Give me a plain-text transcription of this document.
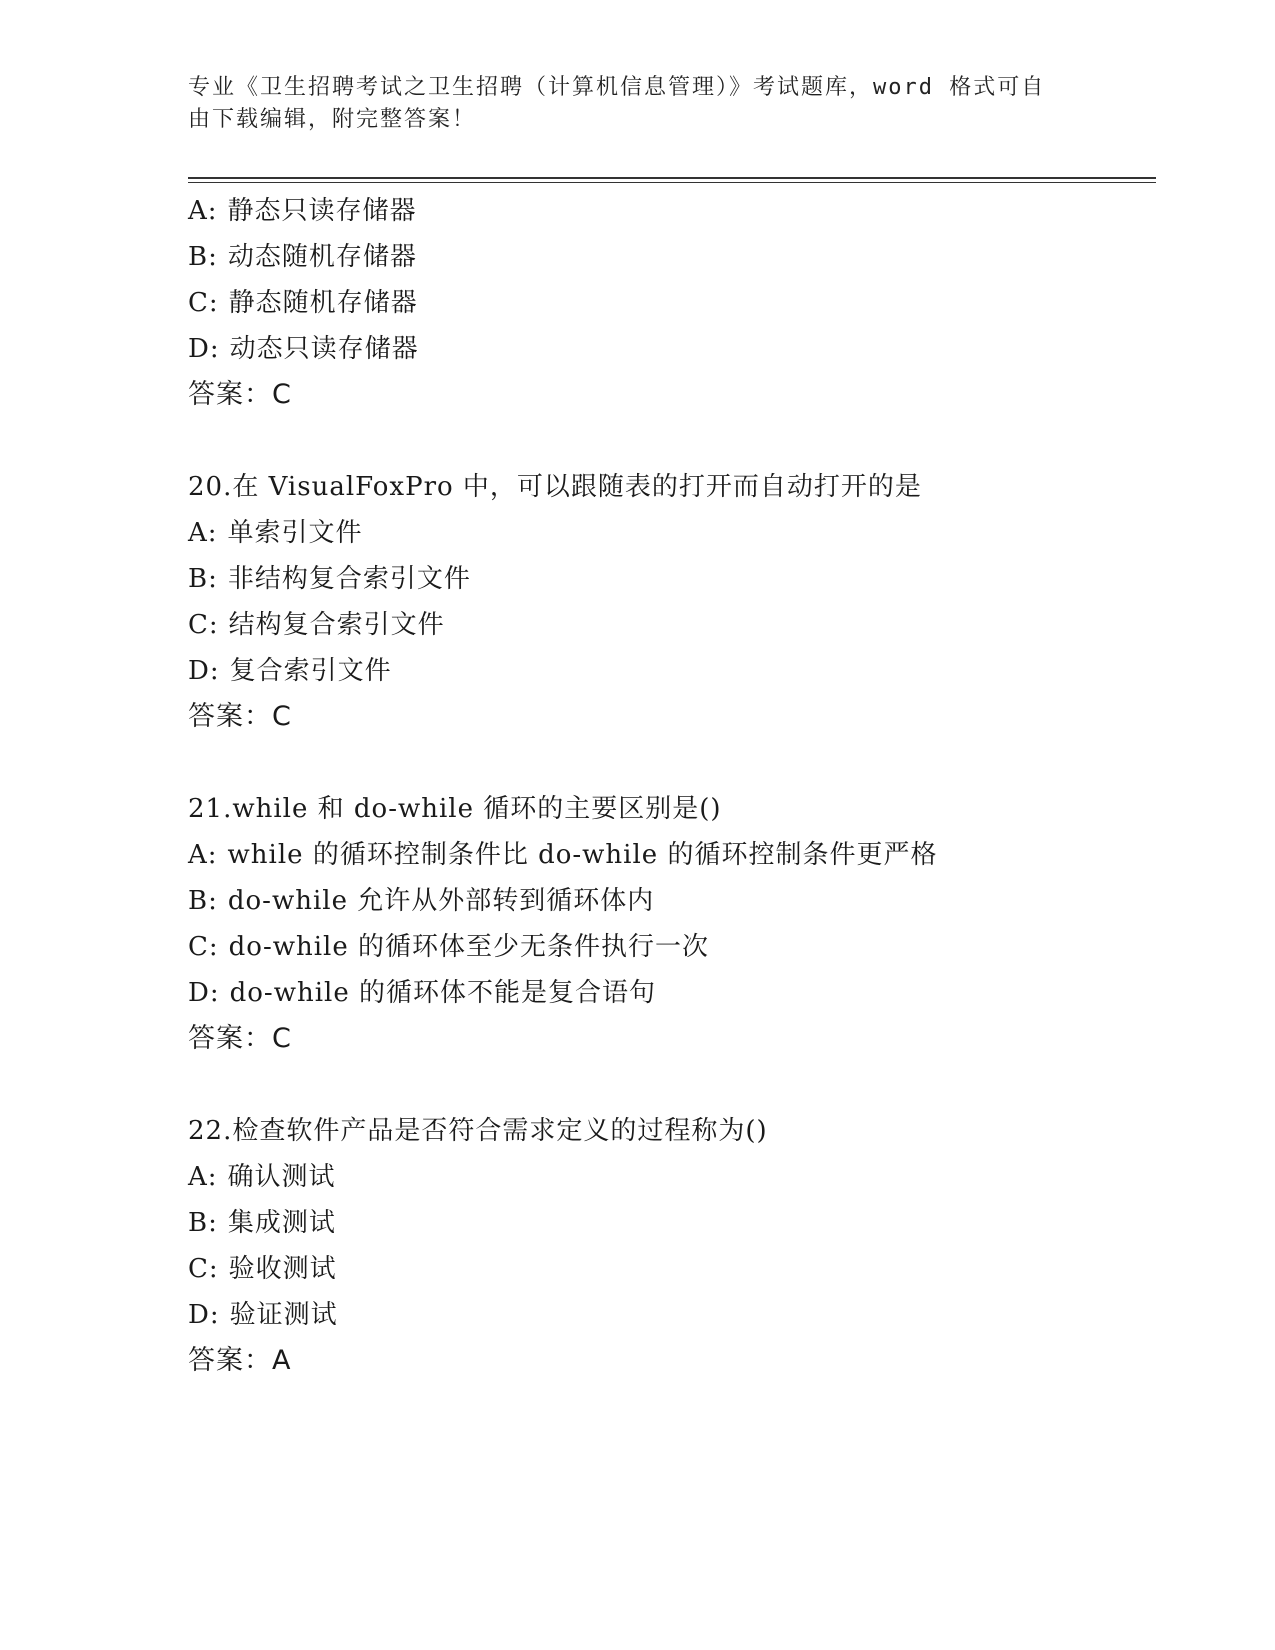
专业《卫生招聘考试之卫生招聘（计算机信息管理）》考试题库，word 格式可自
由下载编辑，附完整答案！
A: 静态只读存储器
B: 动态随机存储器
C: 静态随机存储器
D: 动态只读存储器
答案：C
20.在 VisualFoxPro 中，可以跟随表的打开而自动打开的是
A: 单索引文件
B: 非结构复合索引文件
C: 结构复合索引文件
D: 复合索引文件
答案：C
21.while 和 do-while 循环的主要区别是()
A: while 的循环控制条件比 do-while 的循环控制条件更严格
B: do-while 允许从外部转到循环体内
C: do-while 的循环体至少无条件执行一次
D: do-while 的循环体不能是复合语句
答案：C
22.检查软件产品是否符合需求定义的过程称为()
A: 确认测试
B: 集成测试
C: 验收测试
D: 验证测试
答案：A
